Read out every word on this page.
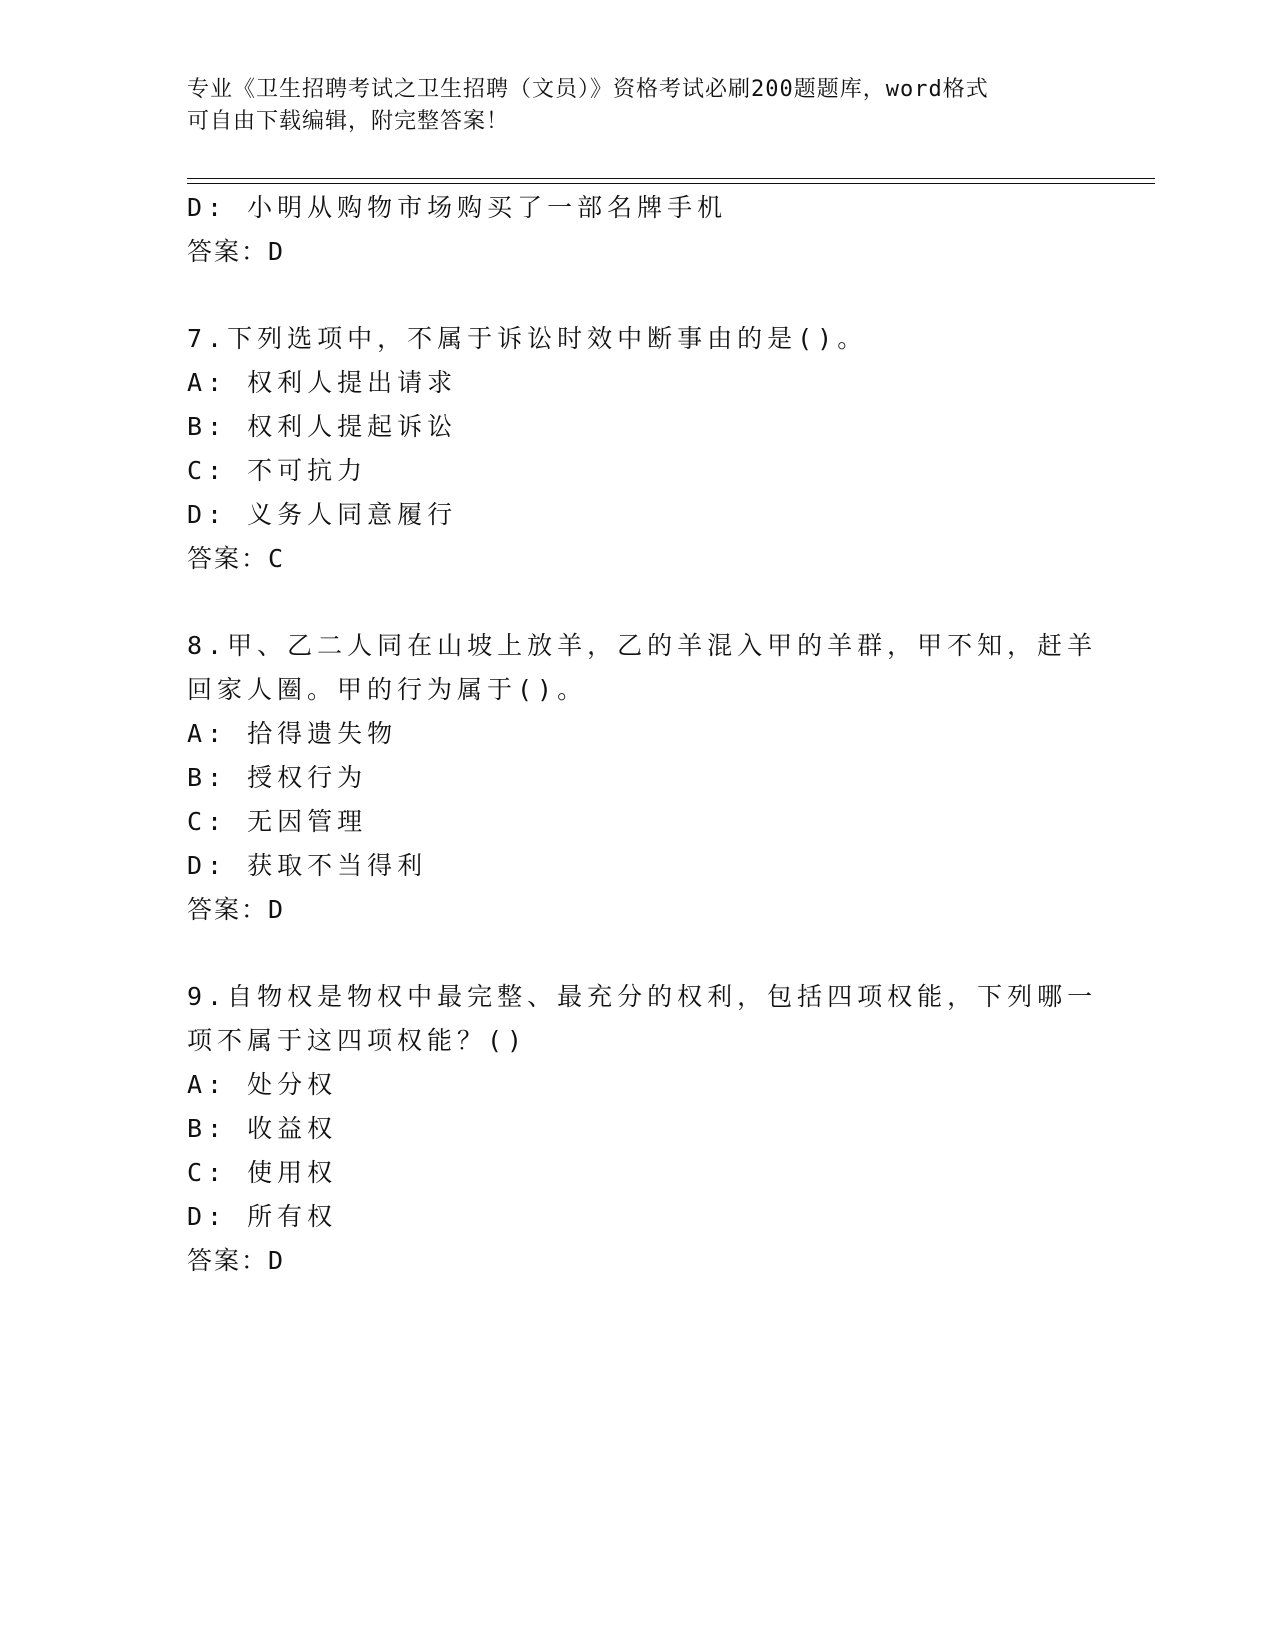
专业《卫生招聘考试之卫生招聘（文员）》资格考试必刷200题题库，word格式
可自由下载编辑，附完整答案！
D: 小明从购物市场购买了一部名牌手机
答案：D
7.下列选项中，不属于诉讼时效中断事由的是()。
A: 权利人提出请求
B: 权利人提起诉讼
C: 不可抗力
D: 义务人同意履行
答案：C
8.甲、乙二人同在山坡上放羊，乙的羊混入甲的羊群，甲不知，赶羊
回家人圈。甲的行为属于()。
A: 拾得遗失物
B: 授权行为
C: 无因管理
D: 获取不当得利
答案：D
9.自物权是物权中最完整、最充分的权利，包括四项权能，下列哪一
项不属于这四项权能？()
A: 处分权
B: 收益权
C: 使用权
D: 所有权
答案：D
